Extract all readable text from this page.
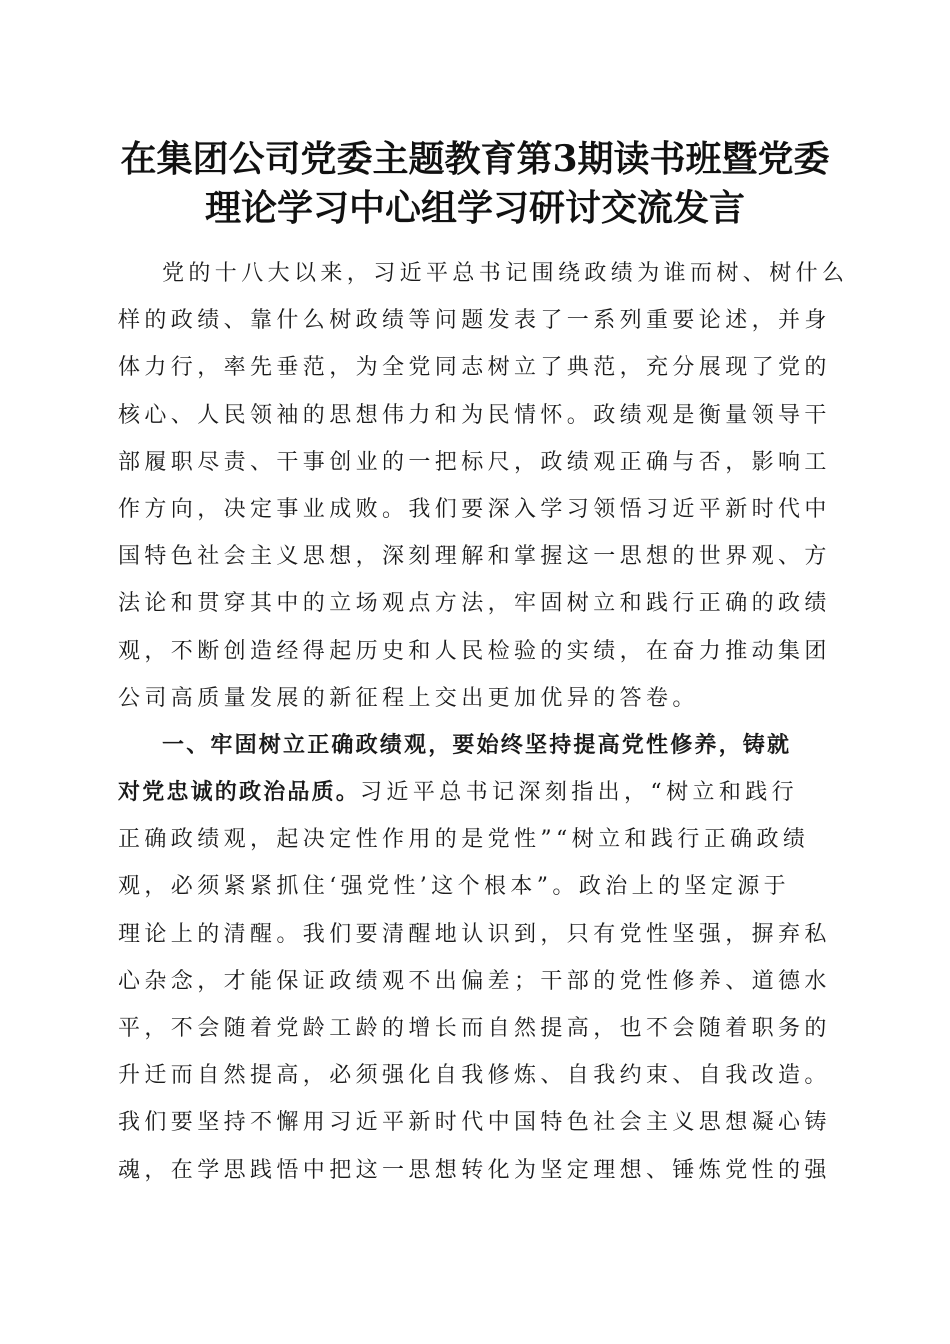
在集团公司党委主题教育第3期读书班暨党委
理论学习中心组学习研讨交流发言
党的十八大以来，习近平总书记围绕政绩为谁而树、树什么
样的政绩、靠什么树政绩等问题发表了一系列重要论述，并身
体力行，率先垂范，为全党同志树立了典范，充分展现了党的
核心、人民领袖的思想伟力和为民情怀。政绩观是衡量领导干
部履职尽责、干事创业的一把标尺，政绩观正确与否，影响工
作方向，决定事业成败。我们要深入学习领悟习近平新时代中
国特色社会主义思想，深刻理解和掌握这一思想的世界观、方
法论和贯穿其中的立场观点方法，牢固树立和践行正确的政绩
观，不断创造经得起历史和人民检验的实绩，在奋力推动集团
公司高质量发展的新征程上交出更加优异的答卷。
一、牢固树立正确政绩观，要始终坚持提高党性修养，铸就
对党忠诚的政治品质。习近平总书记深刻指出，“树立和践行
正确政绩观，起决定性作用的是党性”“树立和践行正确政绩
观，必须紧紧抓住‘强党性’这个根本”。政治上的坚定源于
理论上的清醒。我们要清醒地认识到，只有党性坚强，摒弃私
心杂念，才能保证政绩观不出偏差；干部的党性修养、道德水
平，不会随着党龄工龄的增长而自然提高，也不会随着职务的
升迁而自然提高，必须强化自我修炼、自我约束、自我改造。
我们要坚持不懈用习近平新时代中国特色社会主义思想凝心铸
魂，在学思践悟中把这一思想转化为坚定理想、锤炼党性的强
